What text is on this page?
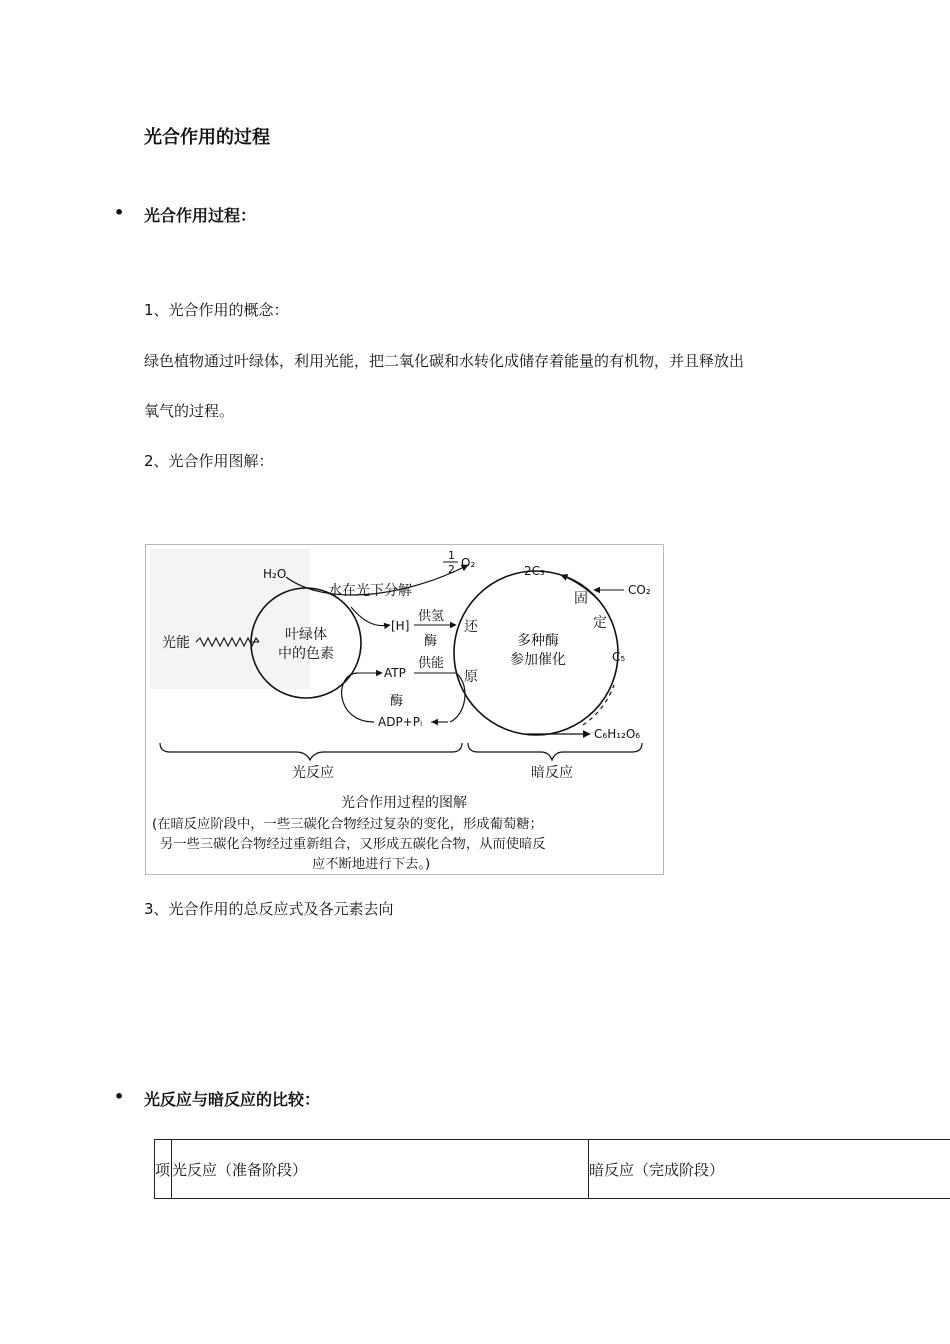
光合作用的过程
• 光合作用过程：
1、光合作用的概念：
绿色植物通过叶绿体，利用光能，把二氧化碳和水转化成储存着能量的有机物，并且释放出
氧气的过程。
2、光合作用图解：
叶绿体
中的色素
光能
H₂O
水在光下分解
1
2 O₂
[H]
供氢
酶
供能
ATP
酶
ADP+Pᵢ
还
原
2C₃
CO₂
固
定
C₅
多种酶
参加催化
C₆H₁₂O₆
光反应	暗反应
光合作用过程的图解
(在暗反应阶段中，一些三碳化合物经过复杂的变化，形成葡萄糖；
另一些三碳化合物经过重新组合，又形成五碳化合物，从而使暗反
应不断地进行下去。)
3、光合作用的总反应式及各元素去向
• 光反应与暗反应的比较：
项	光反应（准备阶段）	暗反应（完成阶段）
